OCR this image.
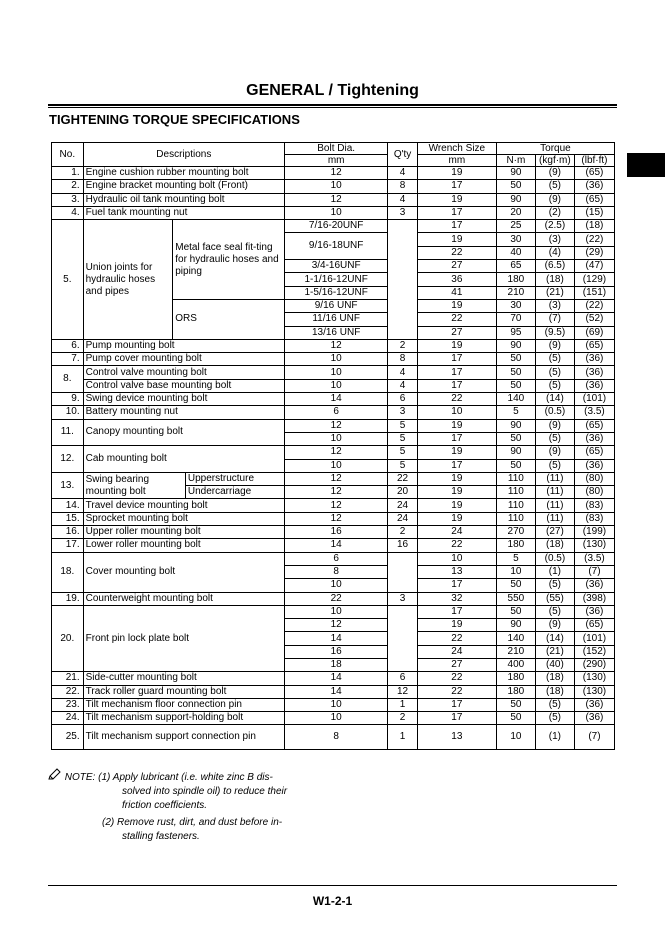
GENERAL / Tightening
TIGHTENING TORQUE SPECIFICATIONS
No.	Descriptions			Bolt Dia.	Q'ty	Wrench Size	Torque		
				mm		mm	N·m	(kgf·m)	(lbf·ft)
1.	Engine cushion rubber mounting bolt			12	4	19	90	(9)	(65)
2.	Engine bracket mounting bolt (Front)			10	8	17	50	(5)	(36)
3.	Hydraulic oil tank mounting bolt			12	4	19	90	(9)	(65)
4.	Fuel tank mounting nut			10	3	17	20	(2)	(15)
5.	Union joints for hydraulic hoses and pipes	Metal face seal fit-ting for hydraulic hoses and piping		7/16-20UNF		17	25	(2.5)	(18)
				9/16-18UNF		19	30	(3)	(22)
						22	40	(4)	(29)
				3/4-16UNF		27	65	(6.5)	(47)
				1-1/16-12UNF		36	180	(18)	(129)
				1-5/16-12UNF		41	210	(21)	(151)
		ORS		9/16 UNF		19	30	(3)	(22)
				11/16 UNF		22	70	(7)	(52)
				13/16 UNF		27	95	(9.5)	(69)
6.	Pump mounting bolt			12	2	19	90	(9)	(65)
7.	Pump cover mounting bolt			10	8	17	50	(5)	(36)
8.	Control valve mounting bolt			10	4	17	50	(5)	(36)
	Control valve base mounting bolt			10	4	17	50	(5)	(36)
9.	Swing device mounting bolt			14	6	22	140	(14)	(101)
10.	Battery mounting nut			6	3	10	5	(0.5)	(3.5)
11.	Canopy mounting bolt			12	5	19	90	(9)	(65)
				10	5	17	50	(5)	(36)
12.	Cab mounting bolt			12	5	19	90	(9)	(65)
				10	5	17	50	(5)	(36)
13.	Swing bearing mounting bolt		Upperstructure	12	22	19	110	(11)	(80)
			Undercarriage	12	20	19	110	(11)	(80)
14.	Travel device mounting bolt			12	24	19	110	(11)	(83)
15.	Sprocket mounting bolt			12	24	19	110	(11)	(83)
16.	Upper roller mounting bolt			16	2	24	270	(27)	(199)
17.	Lower roller mounting bolt			14	16	22	180	(18)	(130)
18.	Cover mounting bolt			6		10	5	(0.5)	(3.5)
				8		13	10	(1)	(7)
				10		17	50	(5)	(36)
19.	Counterweight mounting bolt			22	3	32	550	(55)	(398)
20.	Front pin lock plate bolt			10		17	50	(5)	(36)
				12		19	90	(9)	(65)
				14		22	140	(14)	(101)
				16		24	210	(21)	(152)
				18		27	400	(40)	(290)
21.	Side-cutter mounting bolt			14	6	22	180	(18)	(130)
22.	Track roller guard mounting bolt			14	12	22	180	(18)	(130)
23.	Tilt mechanism floor connection pin			10	1	17	50	(5)	(36)
24.	Tilt mechanism support-holding bolt			10	2	17	50	(5)	(36)
25.	Tilt mechanism support connection pin			8	1	13	10	(1)	(7)
NOTE: (1) Apply lubricant (i.e. white zinc B dis-
solved into spindle oil) to reduce their
friction coefficients.
(2) Remove rust, dirt, and dust before in-
stalling fasteners.
W1-2-1
